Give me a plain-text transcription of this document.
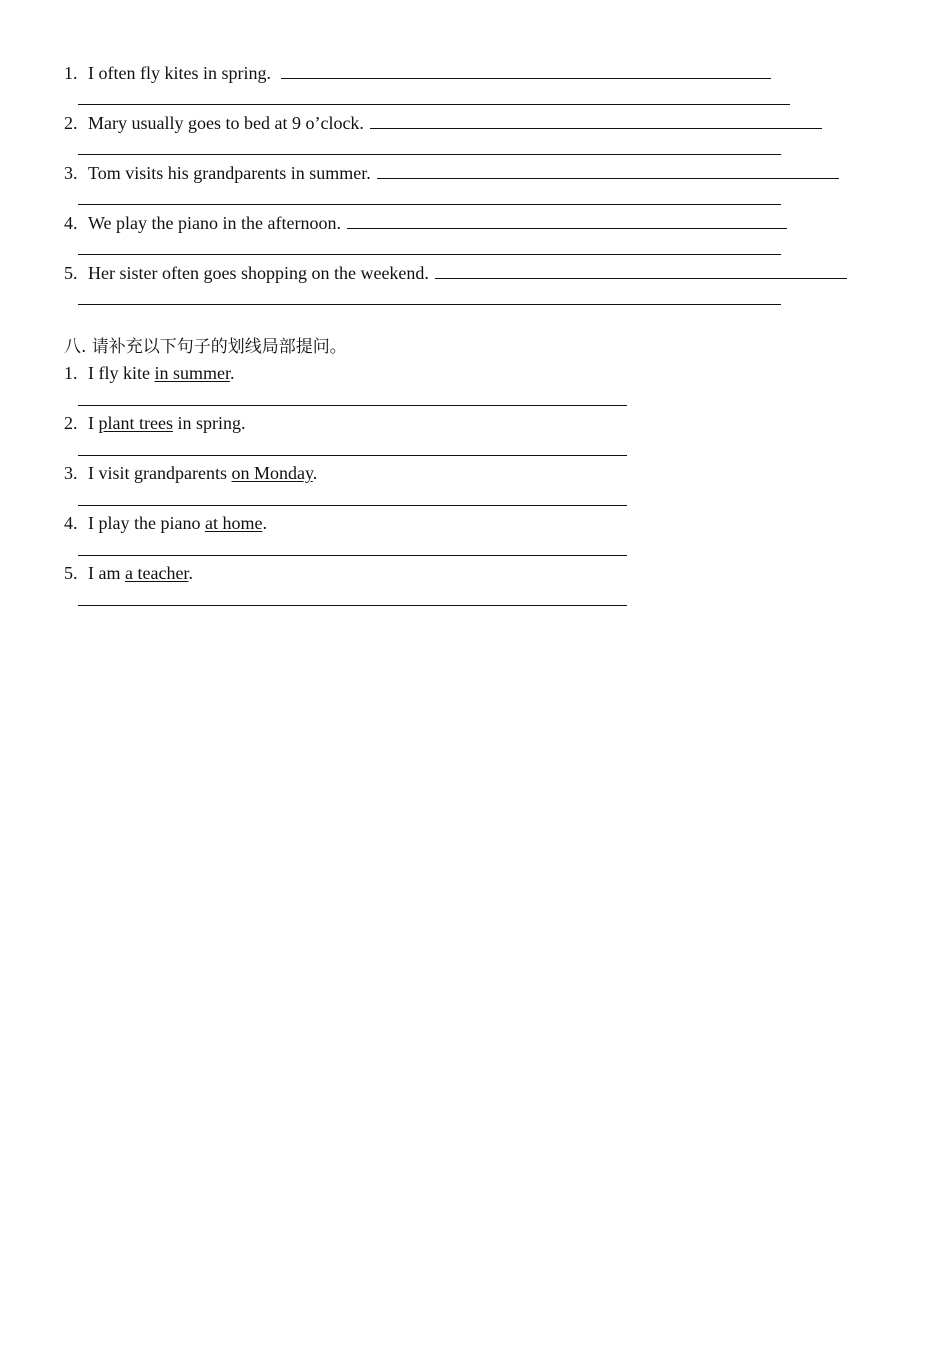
1. I often fly kites in spring.
2. Mary usually goes to bed at 9 o’clock.
3. Tom visits his grandparents in summer.
4. We play the piano in the afternoon.
5. Her sister often goes shopping on the weekend.
八. 请补充以下句子的划线局部提问。
1. I fly kite in summer.
2. I plant trees in spring.
3. I visit grandparents on Monday.
4. I play the piano at home.
5. I am a teacher.
